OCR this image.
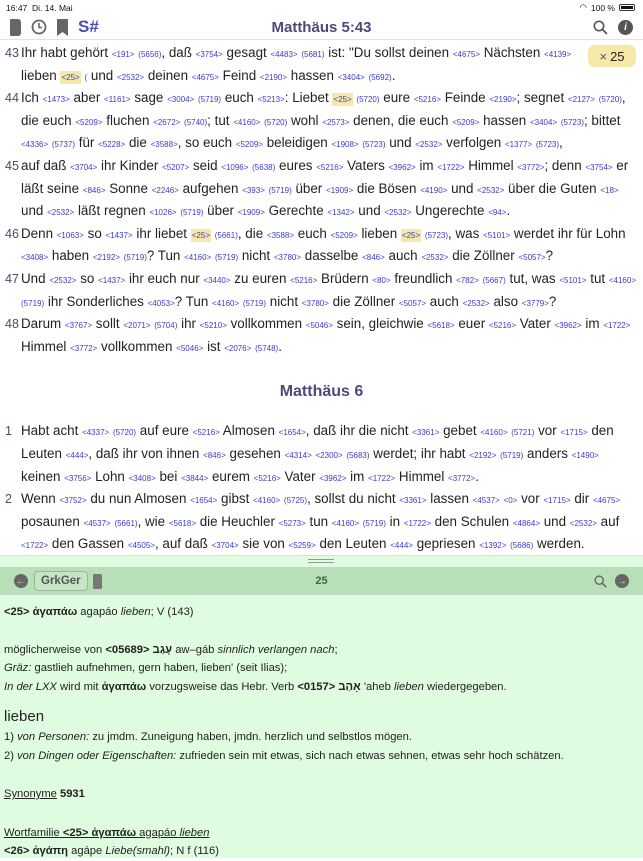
16:47 Di. 14. Mai	◠ 100 %
S#	Matthäus 5:43	i
43 Ihr habt gehört <191> (5656), daß <3754> gesagt <4483> (5681) ist: "Du sollst deinen <4675> Nächsten <4139> lieben <25> ( und <2532> deinen <4675> Feind <2190> hassen <3404> (5692).
44 Ich <1473> aber <1161> sage <3004> (5719) euch <5213>: Liebet <25> (5720) eure <5216> Feinde <2190>; segnet <2127> (5720), die euch <5209> fluchen <2672> (5740); tut <4160> (5720) wohl <2573> denen, die euch <5209> hassen <3404> (5723); bittet <4336> (5737) für <5228> die <3588>, so euch <5209> beleidigen <1908> (5723) und <2532> verfolgen <1377> (5723),
45 auf daß <3704> ihr Kinder <5207> seid <1096> (5638) eures <5216> Vaters <3962> im <1722> Himmel <3772>; denn <3754> er läßt seine <846> Sonne <2246> aufgehen <393> (5719) über <1909> die Bösen <4190> und <2532> über die Guten <18> und <2532> läßt regnen <1026> (5719) über <1909> Gerechte <1342> und <2532> Ungerechte <94>.
46 Denn <1063> so <1437> ihr liebet <25> (5661), die <3588> euch <5209> lieben <25> (5723), was <5101> werdet ihr für Lohn <3408> haben <2192> (5719)? Tun <4160> (5719) nicht <3780> dasselbe <846> auch <2532> die Zöllner <5057>?
47 Und <2532> so <1437> ihr euch nur <3440> zu euren <5216> Brüdern <80> freundlich <782> (5667) tut, was <5101> tut <4160> (5719) ihr Sonderliches <4053>? Tun <4160> (5719) nicht <3780> die Zöllner <5057> auch <2532> also <3779>?
48 Darum <3767> sollt <2071> (5704) ihr <5210> vollkommen <5046> sein, gleichwie <5618> euer <5216> Vater <3962> im <1722> Himmel <3772> vollkommen <5046> ist <2076> (5748).
Matthäus 6
1 Habt acht <4337> (5720) auf eure <5216> Almosen <1654>, daß ihr die nicht <3361> gebet <4160> (5721) vor <1715> den Leuten <444>, daß ihr von ihnen <846> gesehen <4314> <2300> (5683) werdet; ihr habt <2192> (5719) anders <1490> keinen <3756> Lohn <3408> bei <3844> eurem <5216> Vater <3962> im <1722> Himmel <3772>.
2 Wenn <3752> du nun Almosen <1654> gibst <4160> (5725), sollst du nicht <3361> lassen <4537> <0> vor <1715> dir <4675> posaunen <4537> (5661), wie <5618> die Heuchler <5273> tun <4160> (5719) in <1722> den Schulen <4864> und <2532> auf <1722> den Gassen <4505>, auf daß <3704> sie von <5259> den Leuten <444> gepriesen <1392> (5686) werden.
× 25
←	GrkGer	25	→

<25> ἀγαπάω agapáo lieben; V (143)

möglicherweise von <05689> עָגַב aw–gáb sinnlich verlangen nach;

Gräz: gastlieh aufnehmen, gern haben, lieben' (seit Ilias);

In der LXX wird mit ἀγαπάω vorzugsweise das Hebr. Verb <0157> אָהַב 'aheb lieben wiedergegeben.

lieben

1) von Personen: zu jmdm. Zuneigung haben, jmdn. herzlich und selbstlos mögen.

2) von Dingen oder Eigenschaften: zufrieden sein mit etwas, sich nach etwas sehnen, etwas sehr hoch schätzen.

Synonyme 5931

Wortfamilie <25> ἀγαπάω agapáo lieben

<26> ἀγάπη agápe Liebe(smahl); N f (116)
